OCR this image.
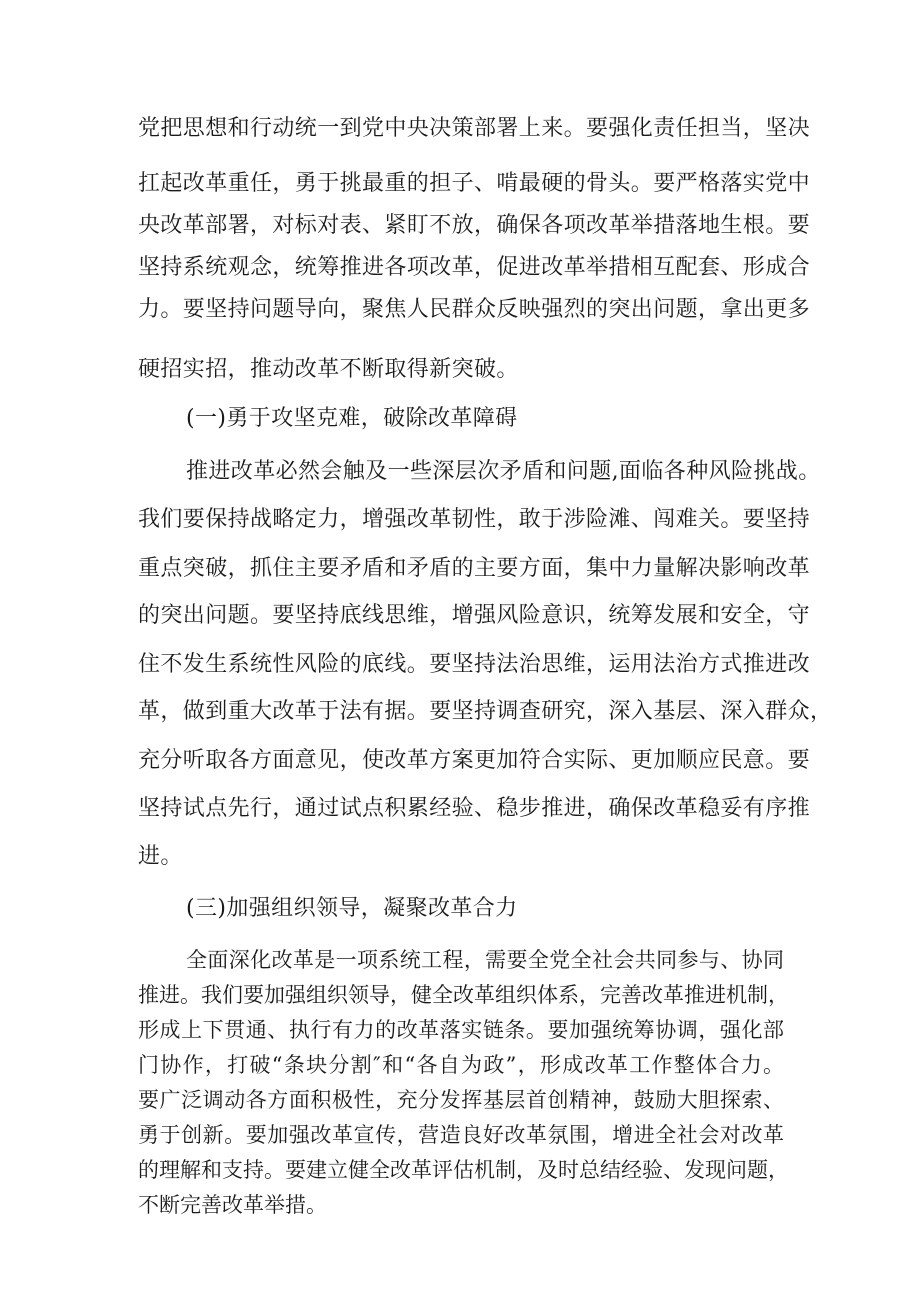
党把思想和行动统一到党中央决策部署上来。要强化责任担当，坚决
扛起改革重任，勇于挑最重的担子、啃最硬的骨头。要严格落实党中
央改革部署，对标对表、紧盯不放，确保各项改革举措落地生根。要
坚持系统观念，统筹推进各项改革，促进改革举措相互配套、形成合
力。要坚持问题导向，聚焦人民群众反映强烈的突出问题，拿出更多
硬招实招，推动改革不断取得新突破。
(一)勇于攻坚克难，破除改革障碍
推进改革必然会触及一些深层次矛盾和问题,面临各种风险挑战。
我们要保持战略定力，增强改革韧性，敢于涉险滩、闯难关。要坚持
重点突破，抓住主要矛盾和矛盾的主要方面，集中力量解决影响改革
的突出问题。要坚持底线思维，增强风险意识，统筹发展和安全，守
住不发生系统性风险的底线。要坚持法治思维，运用法治方式推进改
革，做到重大改革于法有据。要坚持调查研究，深入基层、深入群众，
充分听取各方面意见，使改革方案更加符合实际、更加顺应民意。要
坚持试点先行，通过试点积累经验、稳步推进，确保改革稳妥有序推
进。
(三)加强组织领导，凝聚改革合力
全面深化改革是一项系统工程，需要全党全社会共同参与、协同
推进。我们要加强组织领导，健全改革组织体系，完善改革推进机制，
形成上下贯通、执行有力的改革落实链条。要加强统筹协调，强化部
门协作，打破“条块分割″和“各自为政”，形成改革工作整体合力。
要广泛调动各方面积极性，充分发挥基层首创精神，鼓励大胆探索、
勇于创新。要加强改革宣传，营造良好改革氛围，增进全社会对改革
的理解和支持。要建立健全改革评估机制，及时总结经验、发现问题，
不断完善改革举措。
